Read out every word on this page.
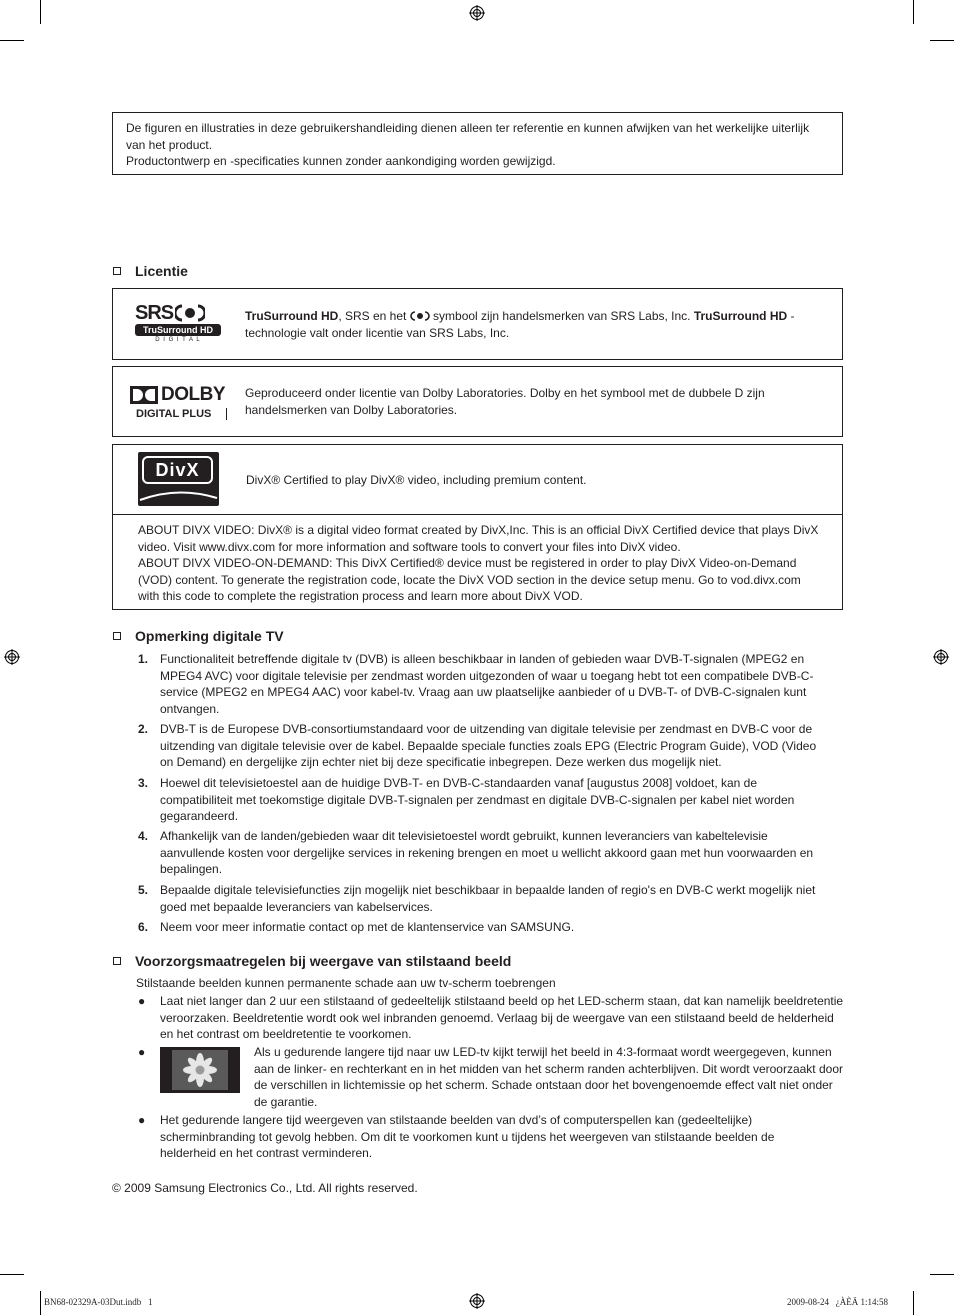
De figuren en illustraties in deze gebruikershandleiding dienen alleen ter referentie en kunnen afwijken van het werkelijke uiterlijk van het product.
Productontwerp en -specificaties kunnen zonder aankondiging worden gewijzigd.
Licentie
SRS
TruSurround HD
D I G I T A L
TruSurround HD, SRS en het  symbool zijn handelsmerken van SRS Labs, Inc. TruSurround HD - technologie valt onder licentie van SRS Labs, Inc.
DOLBY
DIGITAL PLUS
Geproduceerd onder licentie van Dolby Laboratories. Dolby en het symbool met de dubbele D zijn handelsmerken van Dolby Laboratories.
DivX
DivX® Certified to play DivX® video, including premium content.
ABOUT DIVX VIDEO: DivX® is a digital video format created by DivX,Inc. This is an official DivX Certified device that plays DivX video. Visit www.divx.com for more information and software tools to convert your files into DivX video.
ABOUT DIVX VIDEO-ON-DEMAND: This DivX Certified® device must be registered in order to play DivX Video-on-Demand (VOD) content. To generate the registration code, locate the DivX VOD section in the device setup menu. Go to vod.divx.com with this code to complete the registration process and learn more about DivX VOD.
Opmerking digitale TV
1. Functionaliteit betreffende digitale tv (DVB) is alleen beschikbaar in landen of gebieden waar DVB-T-signalen (MPEG2 en MPEG4 AVC) voor digitale televisie per zendmast worden uitgezonden of waar u toegang hebt tot een compatibele DVB-C-service (MPEG2 en MPEG4 AAC) voor kabel-tv. Vraag aan uw plaatselijke aanbieder of u DVB-T- of DVB-C-signalen kunt ontvangen.
2. DVB-T is de Europese DVB-consortiumstandaard voor de uitzending van digitale televisie per zendmast en DVB-C voor de uitzending van digitale televisie over de kabel. Bepaalde speciale functies zoals EPG (Electric Program Guide), VOD (Video on Demand) en dergelijke zijn echter niet bij deze specificatie inbegrepen. Deze werken dus mogelijk niet.
3. Hoewel dit televisietoestel aan de huidige DVB-T- en DVB-C-standaarden vanaf [augustus 2008] voldoet, kan de compatibiliteit met toekomstige digitale DVB-T-signalen per zendmast en digitale DVB-C-signalen per kabel niet worden gegarandeerd.
4. Afhankelijk van de landen/gebieden waar dit televisietoestel wordt gebruikt, kunnen leveranciers van kabeltelevisie aanvullende kosten voor dergelijke services in rekening brengen en moet u wellicht akkoord gaan met hun voorwaarden en bepalingen.
5. Bepaalde digitale televisiefuncties zijn mogelijk niet beschikbaar in bepaalde landen of regio's en DVB-C werkt mogelijk niet goed met bepaalde leveranciers van kabelservices.
6. Neem voor meer informatie contact op met de klantenservice van SAMSUNG.
Voorzorgsmaatregelen bij weergave van stilstaand beeld
Stilstaande beelden kunnen permanente schade aan uw tv-scherm toebrengen
● Laat niet langer dan 2 uur een stilstaand of gedeeltelijk stilstaand beeld op het LED-scherm staan, dat kan namelijk beeldretentie veroorzaken. Beeldretentie wordt ook wel inbranden genoemd. Verlaag bij de weergave van een stilstaand beeld de helderheid en het contrast om beeldretentie te voorkomen.
●	Als u gedurende langere tijd naar uw LED-tv kijkt terwijl het beeld in 4:3-formaat wordt weergegeven, kunnen aan de linker- en rechterkant en in het midden van het scherm randen achterblijven. Dit wordt veroorzaakt door de verschillen in lichtemissie op het scherm. Schade ontstaan door het bovengenoemde effect valt niet onder de garantie.
● Het gedurende langere tijd weergeven van stilstaande beelden van dvd’s of computerspellen kan (gedeeltelijke) scherminbranding tot gevolg hebben. Om dit te voorkomen kunt u tijdens het weergeven van stilstaande beelden de helderheid en het contrast verminderen.
© 2009 Samsung Electronics Co., Ltd. All rights reserved.
BN68-02329A-03Dut.indb   1	2009-08-24   ¿ÀÈÄ 1:14:58
